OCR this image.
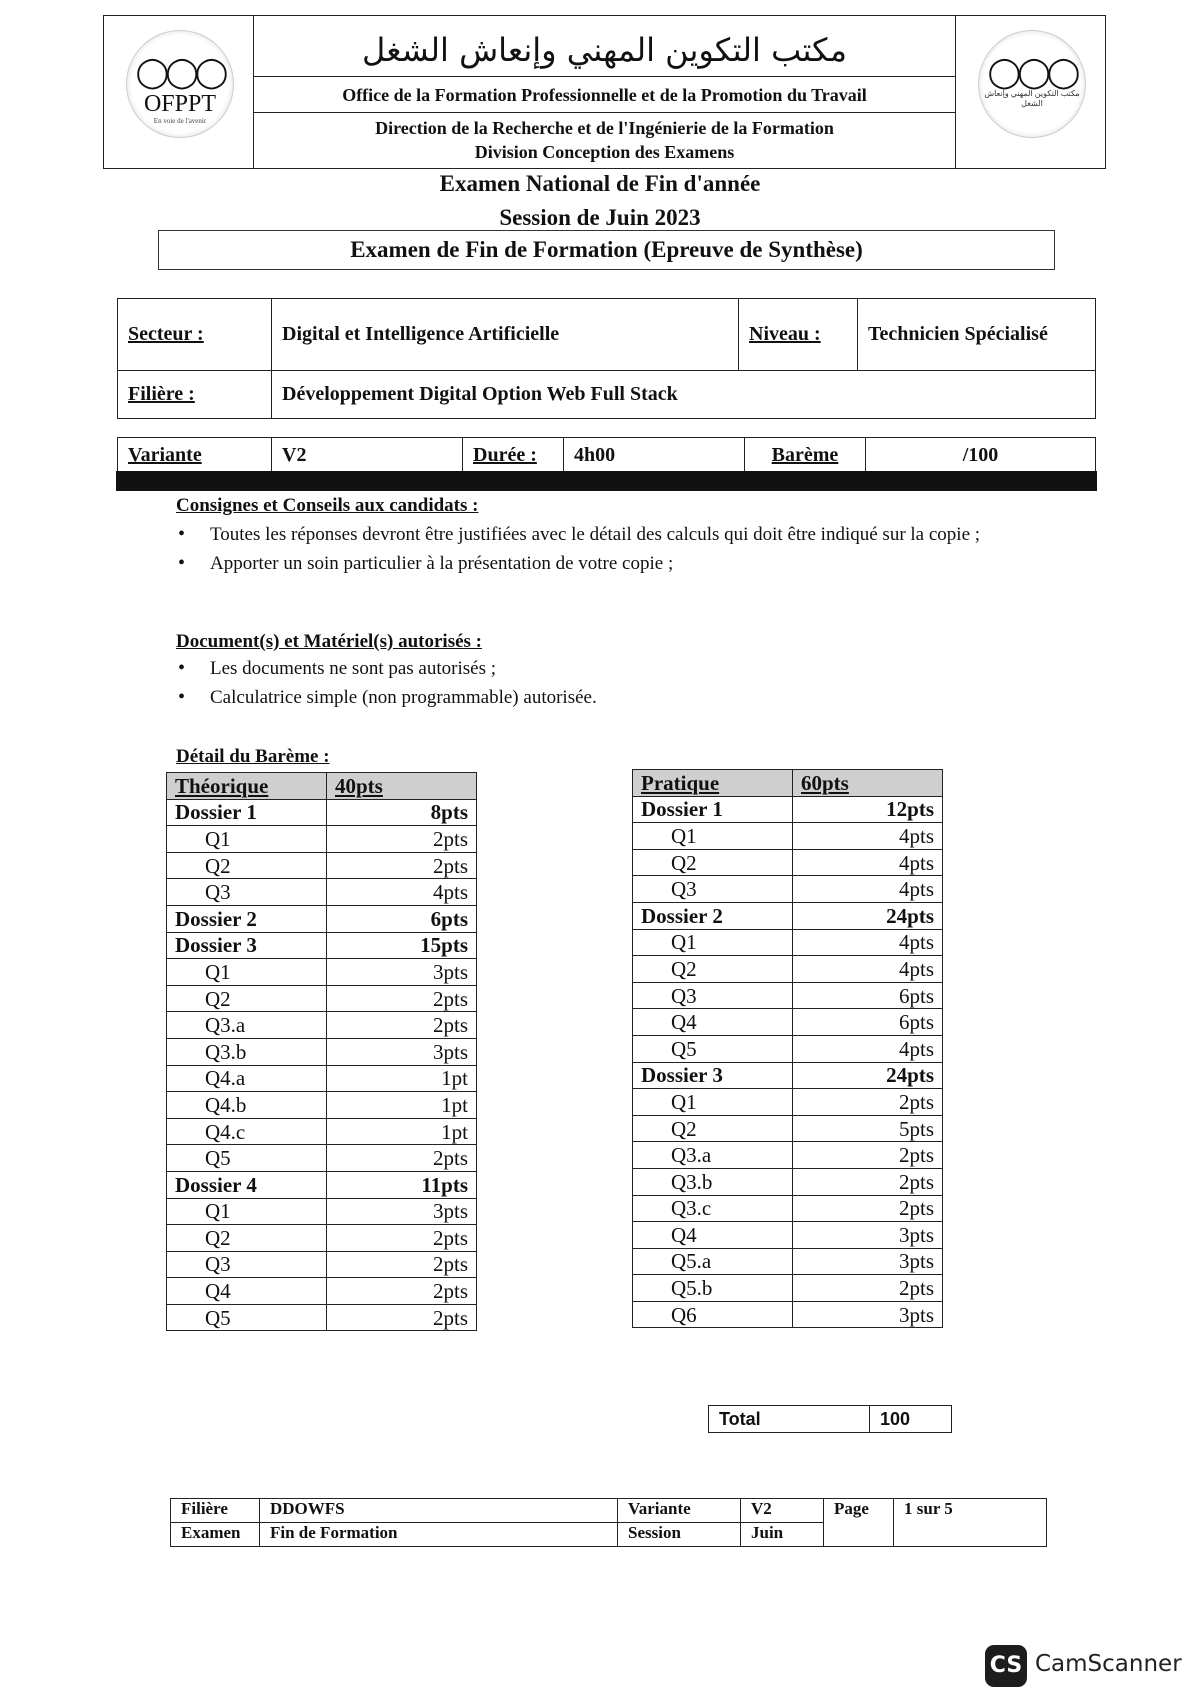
◯◯◯
OFPPT
En voie de l'avenir
مكتب التكوين المهني وإنعاش الشغل
Office de la Formation Professionnelle et de la Promotion du Travail
Direction de la Recherche et de l'Ingénierie de la Formation
Division Conception des Examens
◯◯◯
مكتب التكوين المهني وإنعاش الشغل
Examen National de Fin d'année
Session de Juin 2023
Examen de Fin de Formation (Epreuve de Synthèse)
Secteur :	Digital et Intelligence Artificielle	Niveau :	Technicien Spécialisé
Filière :	Développement Digital Option Web Full Stack		
Variante	V2	Durée :	4h00	Barème	/100
Consignes et Conseils aux candidats :
• Toutes les réponses devront être justifiées avec le détail des calculs qui doit être indiqué sur la copie ;
• Apporter un soin particulier à la présentation de votre copie ;
Document(s) et Matériel(s) autorisés :
• Les documents ne sont pas autorisés ;
• Calculatrice simple (non programmable) autorisée.
Détail du Barème :
Théorique	40pts
Dossier 1	8pts
Q1	2pts
Q2	2pts
Q3	4pts
Dossier 2	6pts
Dossier 3	15pts
Q1	3pts
Q2	2pts
Q3.a	2pts
Q3.b	3pts
Q4.a	1pt
Q4.b	1pt
Q4.c	1pt
Q5	2pts
Dossier 4	11pts
Q1	3pts
Q2	2pts
Q3	2pts
Q4	2pts
Q5	2pts
Pratique	60pts
Dossier 1	12pts
Q1	4pts
Q2	4pts
Q3	4pts
Dossier 2	24pts
Q1	4pts
Q2	4pts
Q3	6pts
Q4	6pts
Q5	4pts
Dossier 3	24pts
Q1	2pts
Q2	5pts
Q3.a	2pts
Q3.b	2pts
Q3.c	2pts
Q4	3pts
Q5.a	3pts
Q5.b	2pts
Q6	3pts
Total	100
Filière	DDOWFS	Variante	V2	Page	1 sur 5
Examen	Fin de Formation	Session	Juin		
CS CamScanner
